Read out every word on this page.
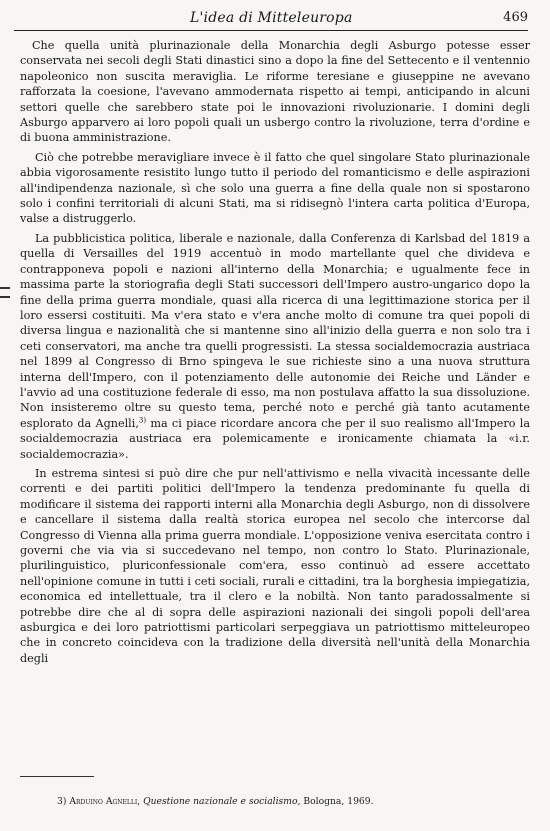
L'idea di Mitteleuropa	469

Che quella unità plurinazionale della Monarchia degli Asburgo potesse esser conservata nei secoli degli Stati dinastici sino a dopo la fine del Settecento e il ventennio napoleonico non suscita meraviglia. Le riforme teresiane e giuseppine ne avevano rafforzata la coesione, l'avevano ammodernata rispetto ai tempi, anticipando in alcuni settori quelle che sarebbero state poi le innovazioni rivoluzionarie. I domini degli Asburgo apparvero ai loro popoli quali un usbergo contro la rivoluzione, terra d'ordine e di buona amministrazione.

Ciò che potrebbe meravigliare invece è il fatto che quel singolare Stato plurinazionale abbia vigorosamente resistito lungo tutto il periodo del romanticismo e delle aspirazioni all'indipendenza nazionale, sì che solo una guerra a fine della quale non si spostarono solo i confini territoriali di alcuni Stati, ma si ridisegnò l'intera carta politica d'Europa, valse a distruggerlo.

La pubblicistica politica, liberale e nazionale, dalla Conferenza di Karlsbad del 1819 a quella di Versailles del 1919 accentuò in modo martellante quel che divideva e contrapponeva popoli e nazioni all'interno della Monarchia; e ugualmente fece in massima parte la storiografia degli Stati successori dell'Impero austro-ungarico dopo la fine della prima guerra mondiale, quasi alla ricerca di una legittimazione storica per il loro essersi costituiti. Ma v'era stato e v'era anche molto di comune tra quei popoli di diversa lingua e nazionalità che si mantenne sino all'inizio della guerra e non solo tra i ceti conservatori, ma anche tra quelli progressisti. La stessa socialdemocrazia austriaca nel 1899 al Congresso di Brno spingeva le sue richieste sino a una nuova struttura interna dell'Impero, con il potenziamento delle autonomie dei Reiche und Länder e l'avvio ad una costituzione federale di esso, ma non postulava affatto la sua dissoluzione. Non insisteremo oltre su questo tema, perché noto e perché già tanto acutamente esplorato da Agnelli,$^{3)}$ ma ci piace ricordare ancora che per il suo realismo all'Impero la socialdemocrazia austriaca era polemicamente e ironicamente chiamata la «i.r. socialdemocrazia».

In estrema sintesi si può dire che pur nell'attivismo e nella vivacità incessante delle correnti e dei partiti politici dell'Impero la tendenza predominante fu quella di modificare il sistema dei rapporti interni alla Monarchia degli Asburgo, non di dissolvere e cancellare il sistema dalla realtà storica europea nel secolo che intercorse dal Congresso di Vienna alla prima guerra mondiale. L'opposizione veniva esercitata contro i governi che via via si succedevano nel tempo, non contro lo Stato. Plurinazionale, plurilinguistico, pluriconfessionale com'era, esso continuò ad essere accettato nell'opinione comune in tutti i ceti sociali, rurali e cittadini, tra la borghesia impiegatizia, economica ed intellettuale, tra il clero e la nobiltà. Non tanto paradossalmente si potrebbe dire che al di sopra delle aspirazioni nazionali dei singoli popoli dell'area asburgica e dei loro patriottismi particolari serpeggiava un patriottismo mitteleuropeo che in concreto coincideva con la tradizione della diversità nell'unità della Monarchia degli

3) Arduino Agnelli, Questione nazionale e socialismo, Bologna, 1969.
